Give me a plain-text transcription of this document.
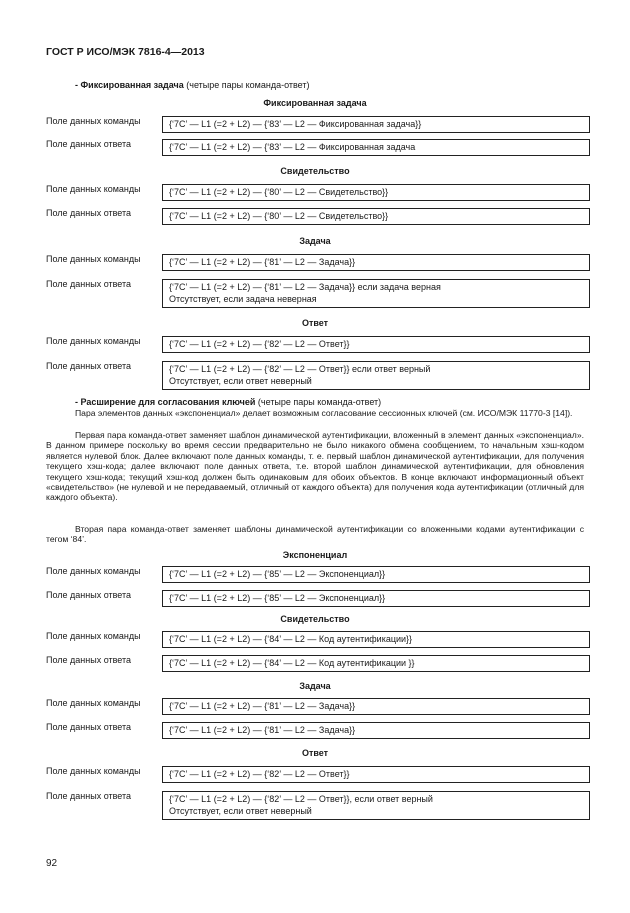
ГОСТ Р ИСО/МЭК 7816-4—2013
- Фиксированная задача (четыре пары команда-ответ)
Фиксированная задача
Поле данных команды	{‘7C’ — L1 (=2 + L2) — {‘83’ — L2 — Фиксированная задача}}
Поле данных ответа	{‘7C’ — L1 (=2 + L2) — {‘83’ — L2 — Фиксированная задача
Свидетельство
Поле данных команды	{‘7C’ — L1 (=2 + L2) — {‘80’ — L2 — Свидетельство}}
Поле данных ответа	{‘7C’ — L1 (=2 + L2) — {‘80’ — L2 — Свидетельство}}
Задача
Поле данных команды	{‘7C’ — L1 (=2 + L2) — {‘81’ — L2 — Задача}}
Поле данных ответа	{‘7C’ — L1 (=2 + L2) — {‘81’ — L2 — Задача}} если задача верная
Отсутствует, если задача неверная
Ответ
Поле данных команды	{‘7C’ — L1 (=2 + L2) — {‘82’ — L2 — Ответ}}
Поле данных ответа	{‘7C’ — L1 (=2 + L2) — {‘82’ — L2 — Ответ}} если ответ верный
Отсутствует, если ответ неверный
- Расширение для согласования ключей (четыре пары команда-ответ)
Пара элементов данных «экспоненциал» делает возможным согласование сессионных ключей (см. ИСО/МЭК 11770-3 [14]).
Первая пара команда-ответ заменяет шаблон динамической аутентификации, вложенный в элемент данных «экспоненциал». В данном примере поскольку во время сессии предварительно не было никакого обмена сообщением, то начальным хэш-кодом является нулевой блок. Далее включают поле данных команды, т. е. первый шаблон динамической аутентификации, для получения текущего хэш-кода; далее включают поле данных ответа, т.е. второй шаблон динамической аутентификации, для обновления текущего хэш-кода; текущий хэш-код должен быть одинаковым для обоих объектов. В конце включают информационный объект «свидетельство» (не нулевой и не передаваемый, отличный от каждого объекта) для получения кода аутентификации (отличный для каждого объекта).
Вторая пара команда-ответ заменяет шаблоны динамической аутентификации со вложенными кодами аутентификации с тегом ‘84’.
Экспоненциал
Поле данных команды	{‘7C’ — L1 (=2 + L2) — {‘85’ — L2 — Экспоненциал}}
Поле данных ответа	{‘7C’ — L1 (=2 + L2) — {‘85’ — L2 — Экспоненциал}}
Свидетельство
Поле данных команды	{‘7C’ — L1 (=2 + L2) — {‘84’ — L2 — Код аутентификации}}
Поле данных ответа	{‘7C’ — L1 (=2 + L2) — {‘84’ — L2 — Код аутентификации }}
Задача
Поле данных команды	{‘7C’ — L1 (=2 + L2) — {‘81’ — L2 — Задача}}
Поле данных ответа	{‘7C’ — L1 (=2 + L2) — {‘81’ — L2 — Задача}}
Ответ
Поле данных команды	{‘7C’ — L1 (=2 + L2) — {‘82’ — L2 — Ответ}}
Поле данных ответа	{‘7C’ — L1 (=2 + L2) — {‘82’ — L2 — Ответ}}, если ответ верный
Отсутствует, если ответ неверный
92
